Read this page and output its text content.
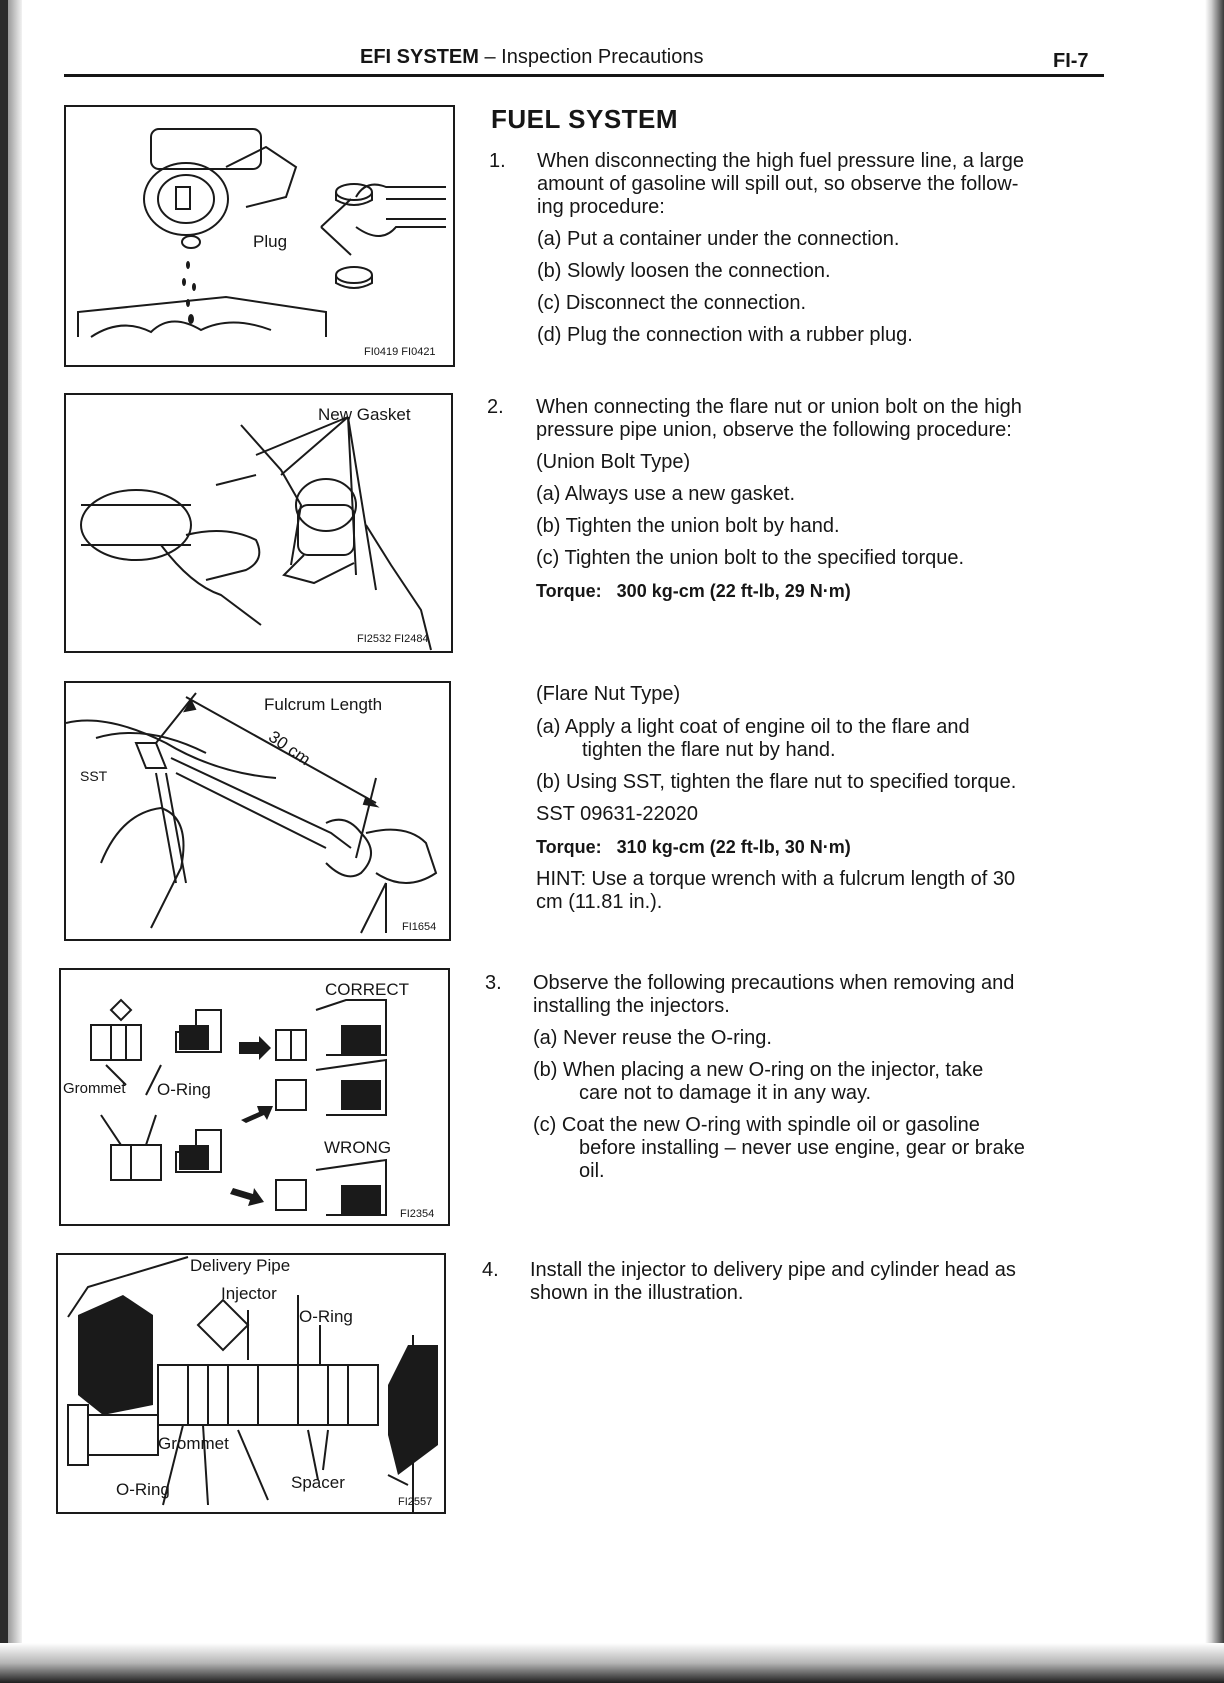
EFI SYSTEM – Inspection Precautions	FI-7
FUEL SYSTEM
1. When disconnecting the high fuel pressure line, a large
amount of gasoline will spill out, so observe the follow-
ing procedure:
(a) Put a container under the connection.
(b) Slowly loosen the connection.
(c) Disconnect the connection.
(d) Plug the connection with a rubber plug.
2. When connecting the flare nut or union bolt on the high
pressure pipe union, observe the following procedure:
(Union Bolt Type)
(a) Always use a new gasket.
(b) Tighten the union bolt by hand.
(c) Tighten the union bolt to the specified torque.
Torque: 300 kg-cm (22 ft-lb, 29 N·m)
(Flare Nut Type)
(a) Apply a light coat of engine oil to the flare and
tighten the flare nut by hand.
(b) Using SST, tighten the flare nut to specified torque.
SST 09631-22020
Torque: 310 kg-cm (22 ft-lb, 30 N·m)
HINT: Use a torque wrench with a fulcrum length of 30
cm (11.81 in.).
3. Observe the following precautions when removing and
installing the injectors.
(a) Never reuse the O-ring.
(b) When placing a new O-ring on the injector, take
care not to damage it in any way.
(c) Coat the new O-ring with spindle oil or gasoline
before installing – never use engine, gear or brake
oil.
4. Install the injector to delivery pipe and cylinder head as
shown in the illustration.
Plug
FI0419 FI0421
New Gasket
FI2532 FI2484
Fulcrum Length
30 cm
SST
FI1654
CORRECT
Grommet O-Ring
WRONG
FI2354
Delivery Pipe
Injector
O-Ring
Grommet
O-Ring	Spacer
FI2557
